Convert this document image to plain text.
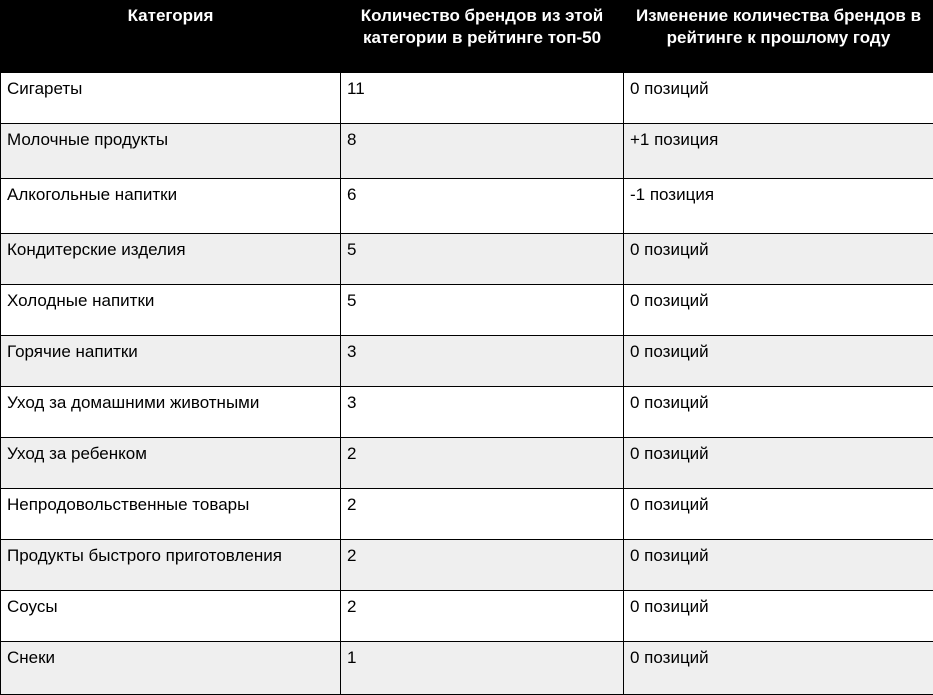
Категория	Количество брендов из этой категории в рейтинге топ-50	Изменение количества брендов в рейтинге к прошлому году
Сигареты	11	0 позиций
Молочные продукты	8	+1 позиция
Алкогольные напитки	6	-1 позиция
Кондитерские изделия	5	0 позиций
Холодные напитки	5	0 позиций
Горячие напитки	3	0 позиций
Уход за домашними животными	3	0 позиций
Уход за ребенком	2	0 позиций
Непродовольственные товары	2	0 позиций
Продукты быстрого приготовления	2	0 позиций
Соусы	2	0 позиций
Снеки	1	0 позиций
